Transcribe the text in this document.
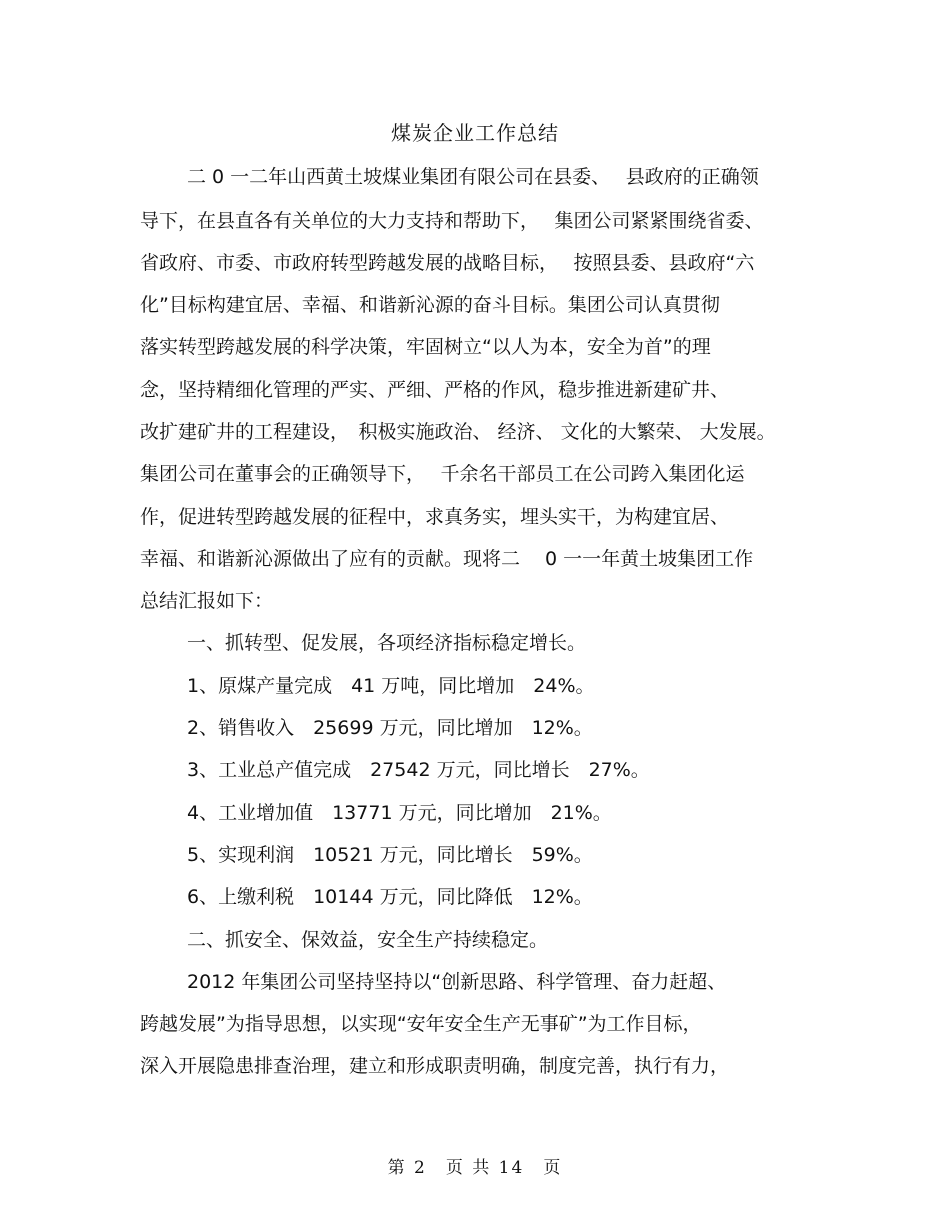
煤炭企业工作总结
二 0 一二年山西黄土坡煤业集团有限公司在县委、　 县政府的正确领
导下，在县直各有关单位的大力支持和帮助下，　 集团公司紧紧围绕省委、
省政府、市委、市政府转型跨越发展的战略目标，　 按照县委、县政府“六
化”目标构建宜居、幸福、和谐新沁源的奋斗目标。集团公司认真贯彻
落实转型跨越发展的科学决策，牢固树立“以人为本，安全为首”的理
念，坚持精细化管理的严实、严细、严格的作风，稳步推进新建矿井、
改扩建矿井的工程建设，　积极实施政治、 经济、 文化的大繁荣、 大发展。
集团公司在董事会的正确领导下，　 千余名干部员工在公司跨入集团化运
作，促进转型跨越发展的征程中，求真务实，埋头实干，为构建宜居、
幸福、和谐新沁源做出了应有的贡献。现将二　 0 一一年黄土坡集团工作
总结汇报如下：
一、抓转型、促发展，各项经济指标稳定增长。
1、原煤产量完成　41 万吨，同比增加　24%。
2、销售收入　25699 万元，同比增加　12%。
3、工业总产值完成　27542 万元，同比增长　27%。
4、工业增加值　13771 万元，同比增加　21%。
5、实现利润　10521 万元，同比增长　59%。
6、上缴利税　10144 万元，同比降低　12%。
二、抓安全、保效益，安全生产持续稳定。
2012 年集团公司坚持坚持以“创新思路、科学管理、奋力赶超、
跨越发展”为指导思想，以实现“安年安全生产无事矿”为工作目标，
深入开展隐患排查治理，建立和形成职责明确，制度完善，执行有力，
第 2　页 共 14　页
